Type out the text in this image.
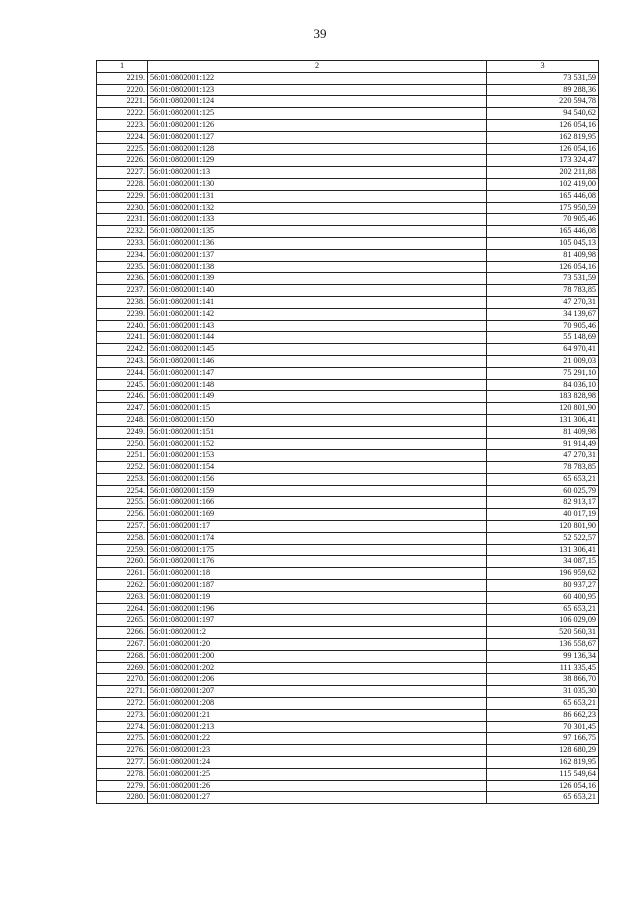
39
1	2	3
2219.	56:01:0802001:122	73 531,59
2220.	56:01:0802001:123	89 288,36
2221.	56:01:0802001:124	220 594,78
2222.	56:01:0802001:125	94 540,62
2223.	56:01:0802001:126	126 054,16
2224.	56:01:0802001:127	162 819,95
2225.	56:01:0802001:128	126 054,16
2226.	56:01:0802001:129	173 324,47
2227.	56:01:0802001:13	202 211,88
2228.	56:01:0802001:130	102 419,00
2229.	56:01:0802001:131	165 446,08
2230.	56:01:0802001:132	175 950,59
2231.	56:01:0802001:133	70 905,46
2232.	56:01:0802001:135	165 446,08
2233.	56:01:0802001:136	105 045,13
2234.	56:01:0802001:137	81 409,98
2235.	56:01:0802001:138	126 054,16
2236.	56:01:0802001:139	73 531,59
2237.	56:01:0802001:140	78 783,85
2238.	56:01:0802001:141	47 270,31
2239.	56:01:0802001:142	34 139,67
2240.	56:01:0802001:143	70 905,46
2241.	56:01:0802001:144	55 148,69
2242.	56:01:0802001:145	64 970,41
2243.	56:01:0802001:146	21 009,03
2244.	56:01:0802001:147	75 291,10
2245.	56:01:0802001:148	84 036,10
2246.	56:01:0802001:149	183 828,98
2247.	56:01:0802001:15	120 801,90
2248.	56:01:0802001:150	131 306,41
2249.	56:01:0802001:151	81 409,98
2250.	56:01:0802001:152	91 914,49
2251.	56:01:0802001:153	47 270,31
2252.	56:01:0802001:154	78 783,85
2253.	56:01:0802001:156	65 653,21
2254.	56:01:0802001:159	60 025,79
2255.	56:01:0802001:166	82 913,17
2256.	56:01:0802001:169	40 017,19
2257.	56:01:0802001:17	120 801,90
2258.	56:01:0802001:174	52 522,57
2259.	56:01:0802001:175	131 306,41
2260.	56:01:0802001:176	34 087,15
2261.	56:01:0802001:18	196 959,62
2262.	56:01:0802001:187	80 937,27
2263.	56:01:0802001:19	60 400,95
2264.	56:01:0802001:196	65 653,21
2265.	56:01:0802001:197	106 029,09
2266.	56:01:0802001:2	520 560,31
2267.	56:01:0802001:20	136 558,67
2268.	56:01:0802001:200	99 136,34
2269.	56:01:0802001:202	111 335,45
2270.	56:01:0802001:206	38 866,70
2271.	56:01:0802001:207	31 035,30
2272.	56:01:0802001:208	65 653,21
2273.	56:01:0802001:21	86 662,23
2274.	56:01:0802001:213	70 301,45
2275.	56:01:0802001:22	97 166,75
2276.	56:01:0802001:23	128 680,29
2277.	56:01:0802001:24	162 819,95
2278.	56:01:0802001:25	115 549,64
2279.	56:01:0802001:26	126 054,16
2280.	56:01:0802001:27	65 653,21
